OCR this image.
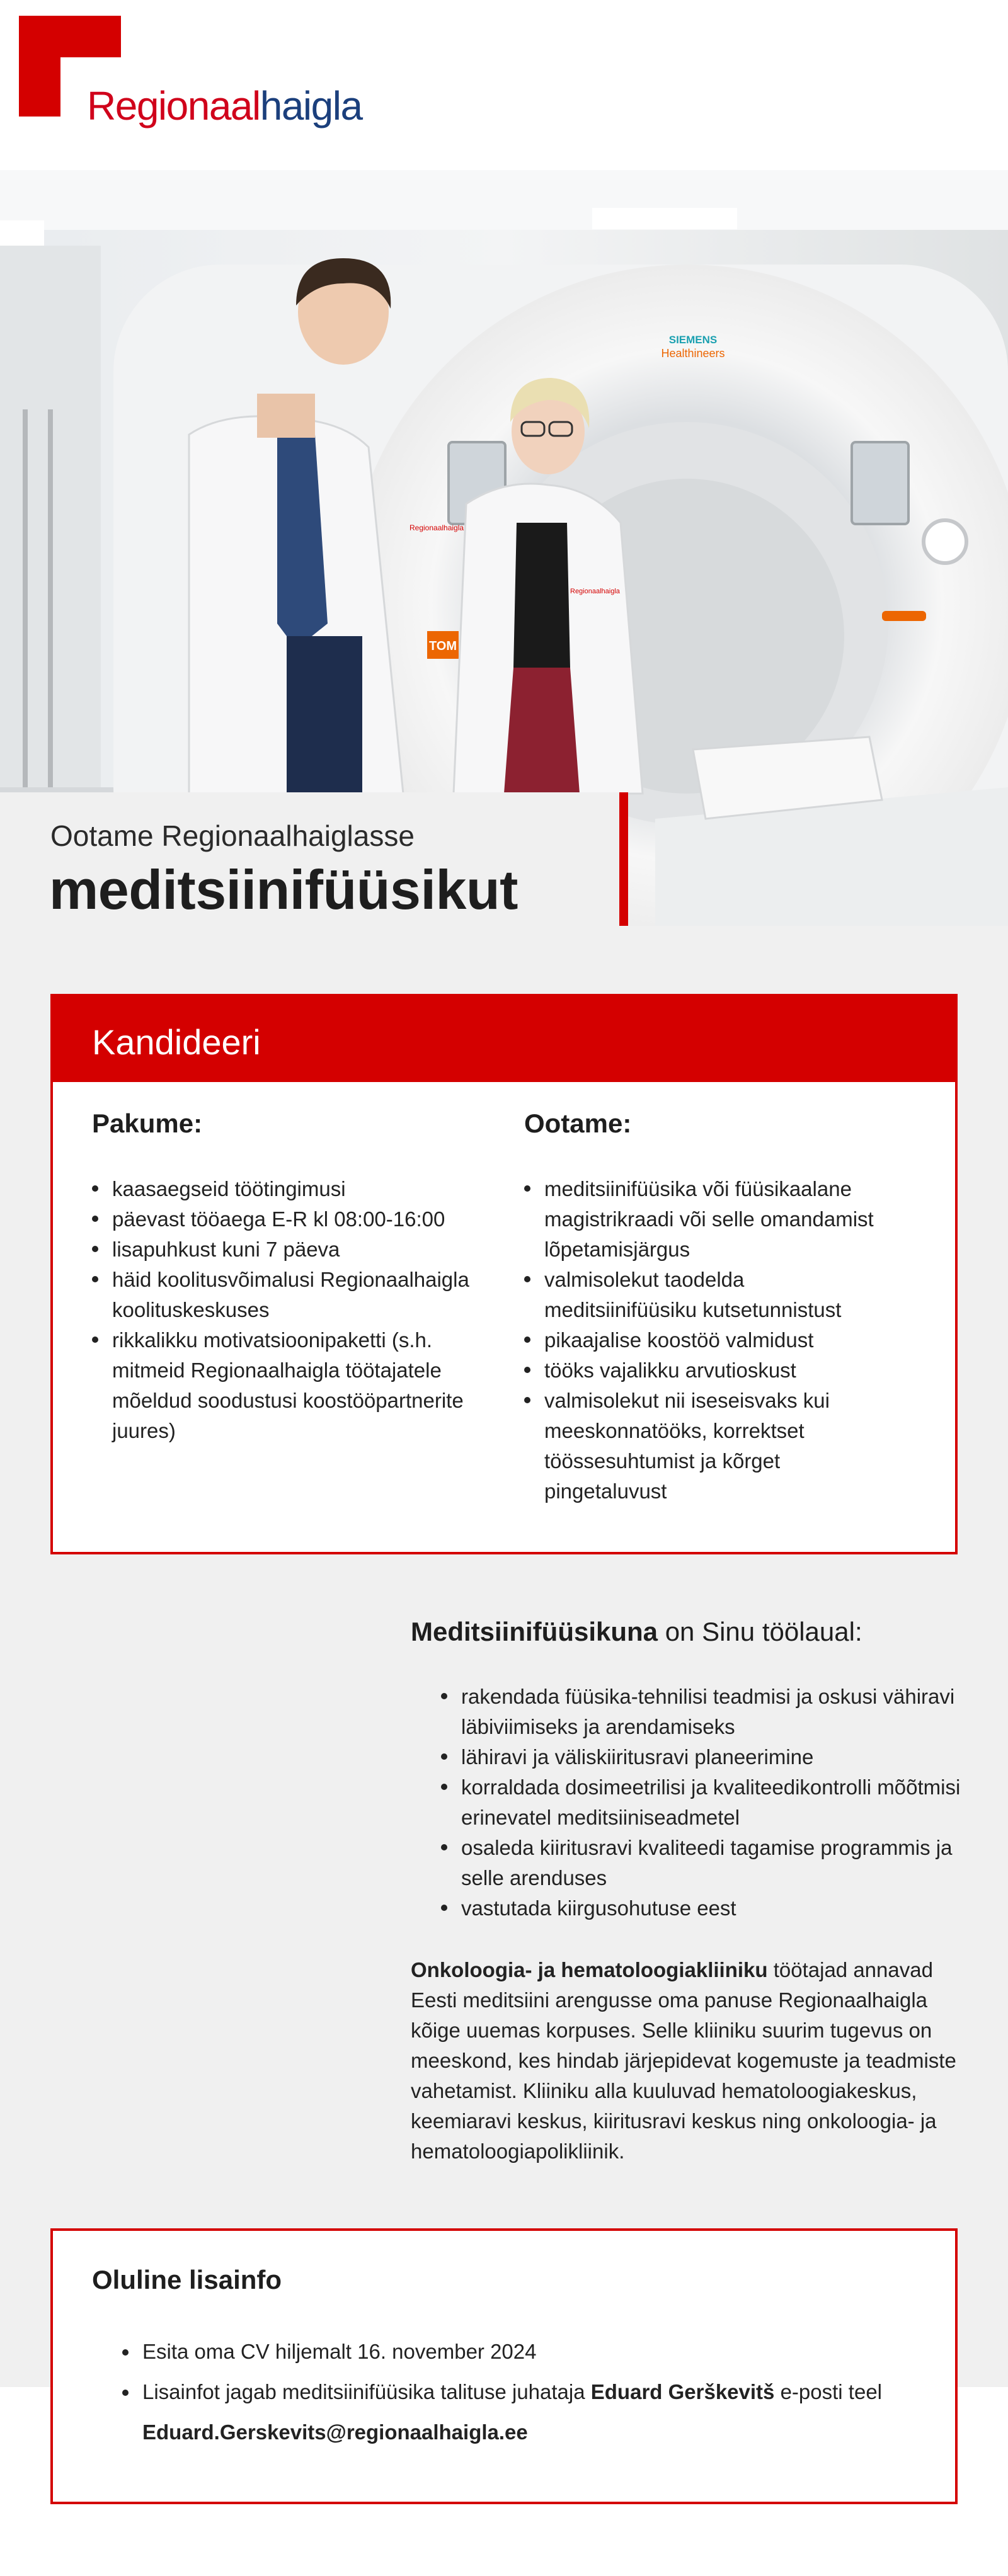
Regionaalhaigla
SIEMENS
Healthineers
TOM
Regionaalhaigla
Regionaalhaigla
Ootame Regionaalhaiglasse
meditsiinifüüsikut
Kandideeri
Pakume:
kaasaegseid töötingimusi
päevast tööaega E-R kl 08:00-16:00
lisapuhkust kuni 7 päeva
häid koolitusvõimalusi Regionaalhaigla koolituskeskuses
rikkalikku motivatsioonipaketti (s.h. mitmeid Regionaalhaigla töötajatele mõeldud soodustusi koostööpartnerite juures)
Ootame:
meditsiinifüüsika või füüsikaalane magistrikraadi või selle omandamist lõpetamisjärgus
valmisolekut taodelda meditsiinifüüsiku kutsetunnistust
pikaajalise koostöö valmidust
tööks vajalikku arvutioskust
valmisolekut nii iseseisvaks kui meeskonnatööks, korrektset töössesuhtumist ja kõrget pingetaluvust
Meditsiinifüüsikuna on Sinu töölaual:
rakendada füüsika-tehnilisi teadmisi ja oskusi vähiravi läbiviimiseks ja arendamiseks
lähiravi ja väliskiiritusravi planeerimine
korraldada dosimeetrilisi ja kvaliteedikontrolli mõõtmisi erinevatel meditsiiniseadmetel
osaleda kiiritusravi kvaliteedi tagamise programmis ja selle arenduses
vastutada kiirgusohutuse eest

Onkoloogia- ja hematoloogiakliiniku töötajad annavad Eesti meditsiini arengusse oma panuse Regionaalhaigla kõige uuemas korpuses. Selle kliiniku suurim tugevus on meeskond, kes hindab järjepidevat kogemuste ja teadmiste vahetamist. Kliiniku alla kuuluvad hematoloogiakeskus, keemiaravi keskus, kiiritusravi keskus ning onkoloogia- ja hematoloogiapolikliinik.

Oluline lisainfo
Esita oma CV hiljemalt 16. november 2024
Lisainfot jagab meditsiinifüüsika talituse juhataja Eduard Gerškevitš e-posti teel Eduard.Gerskevits@regionaalhaigla.ee
